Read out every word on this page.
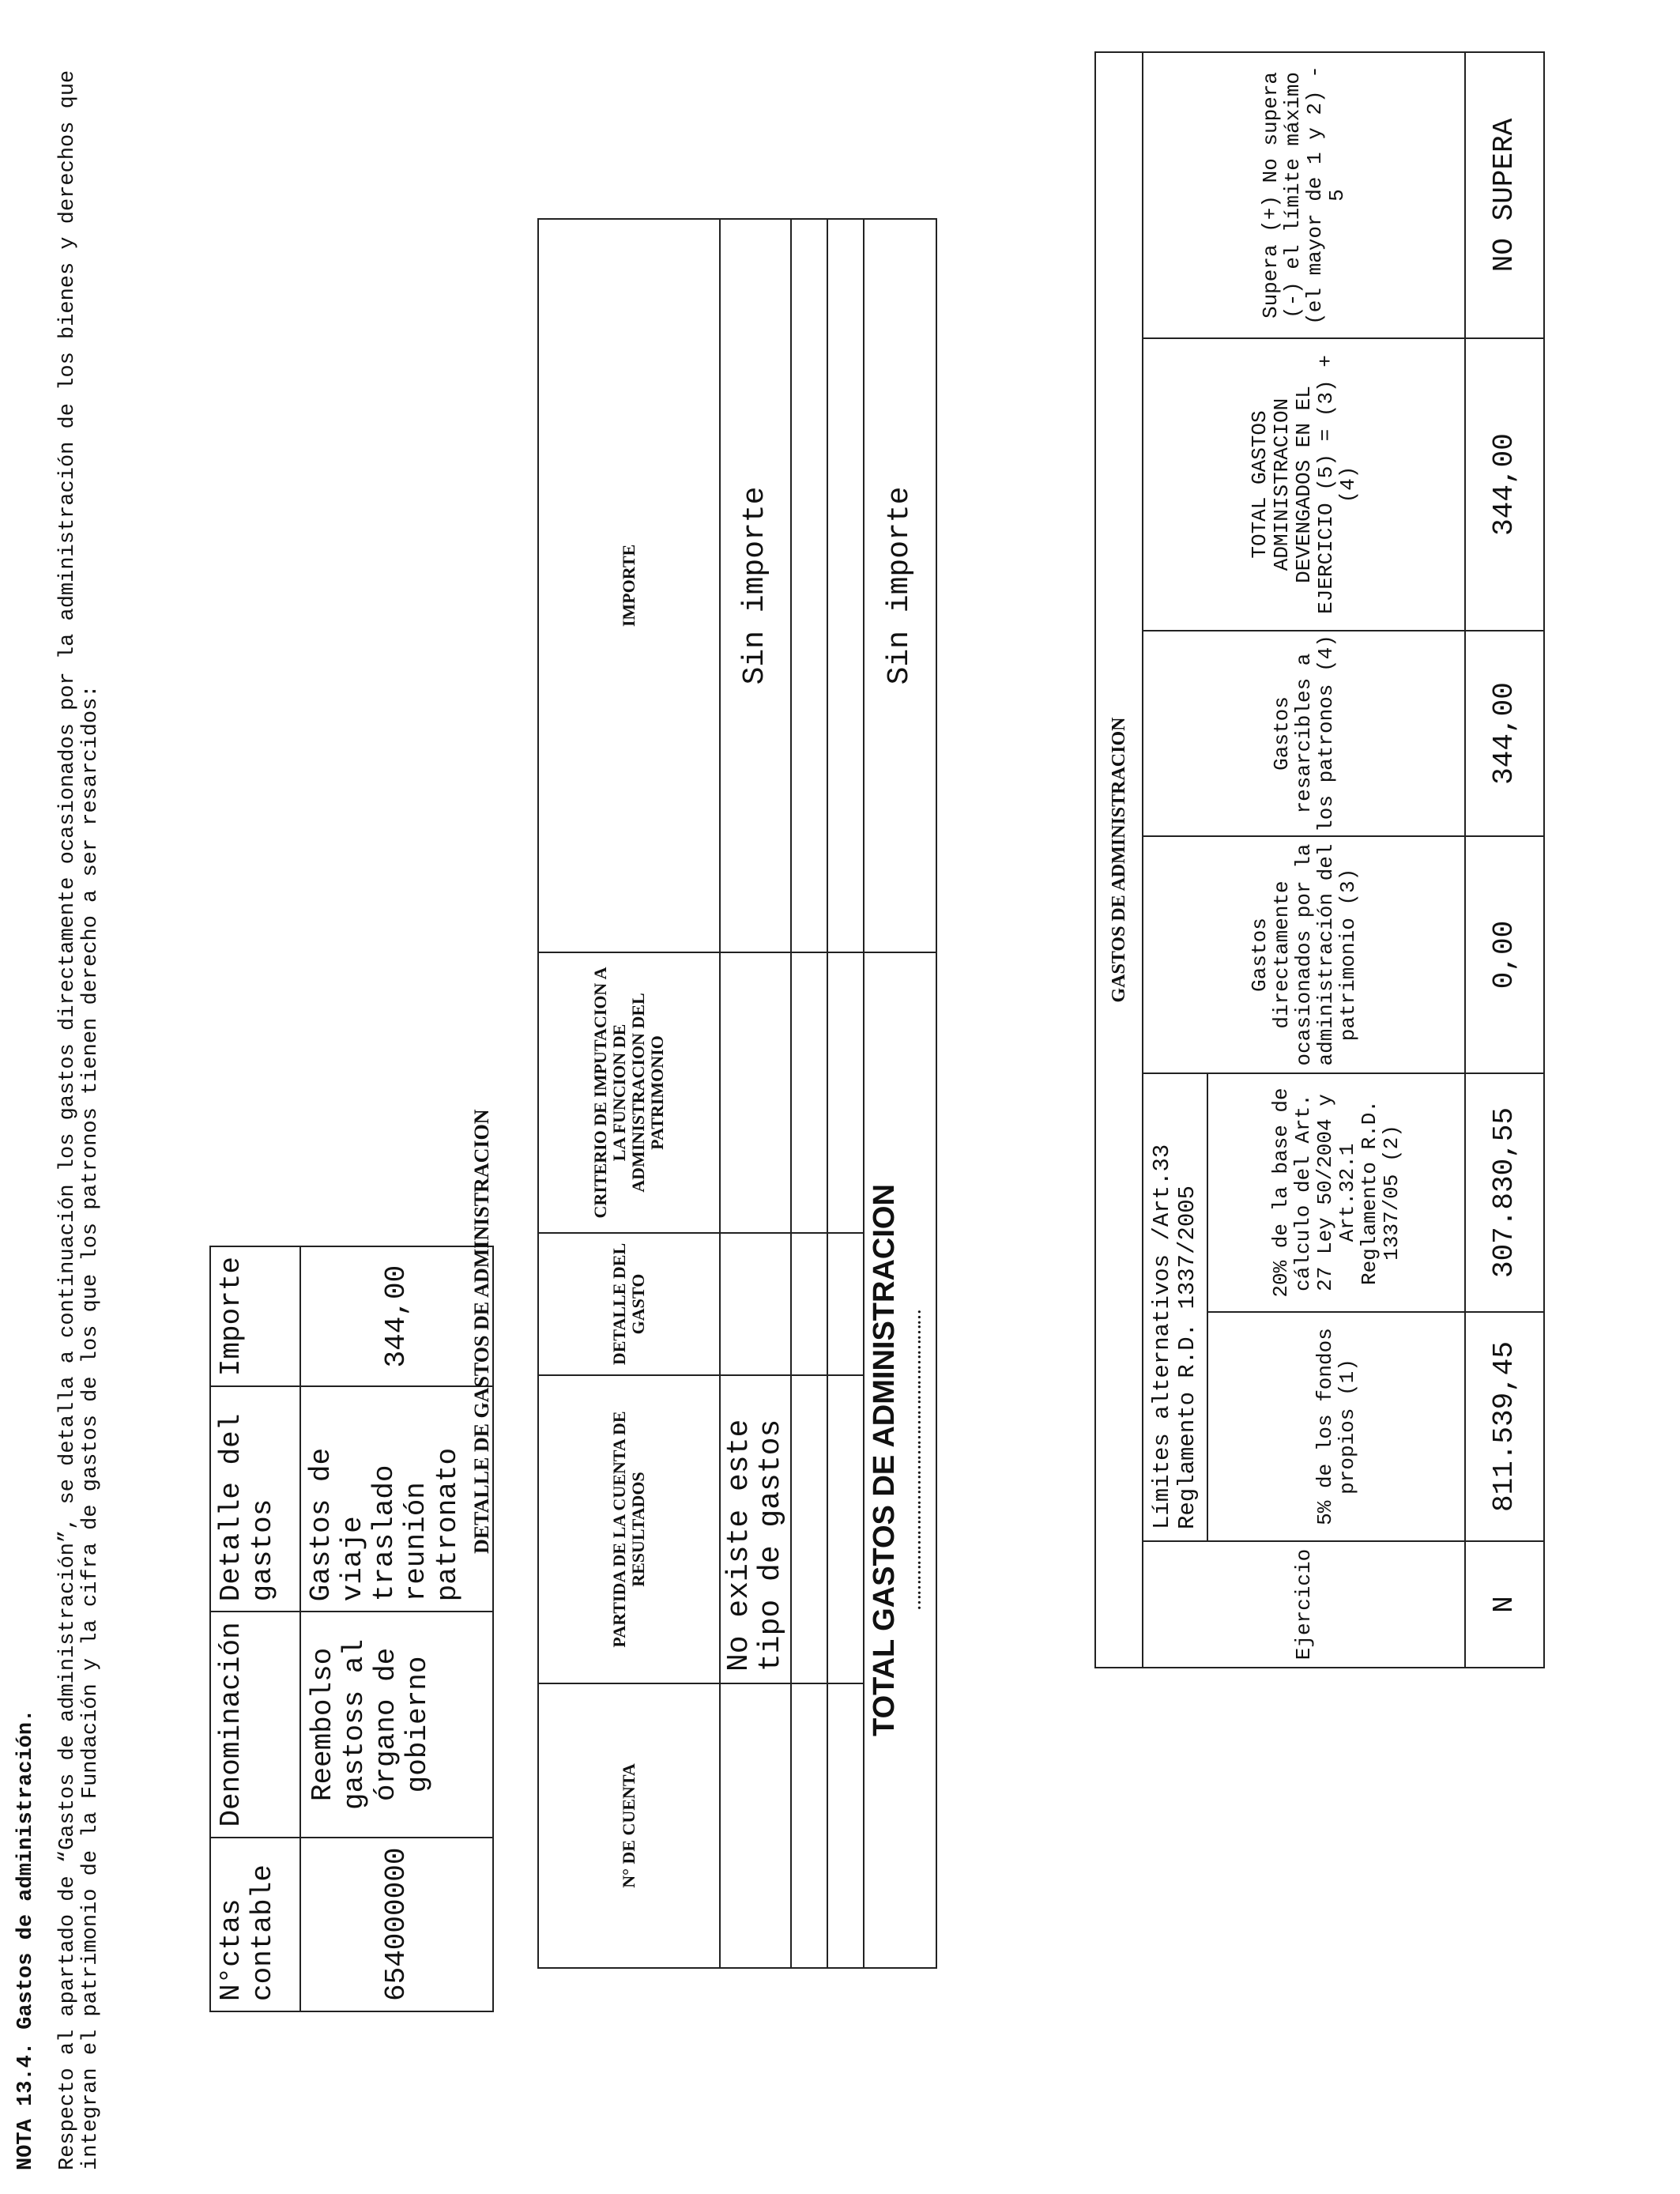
NOTA 13.4. Gastos de administración. Respecto al apartado de “Gastos de administración”, se detalla a continuación los gastos directamente ocasionados por la administración de los bienes y derechos que integran el patrimonio de la Fundación y la cifra de gastos de los que los patronos tienen derecho a ser resarcidos:	N°ctas contable	Denominación	Detalle del gastos	Importe
654000000	Reembolso gastoss al órgano de gobierno	Gastos de viaje traslado reunión patronato	344,00	DETALLE DE GASTOS DE ADMINISTRACION
N° DE CUENTA	PARTIDA DE LA CUENTA DE RESULTADOS	DETALLE DEL GASTO	CRITERIO DE IMPUTACION A LA FUNCION DE ADMINISTRACION DEL PATRIMONIO	IMPORTE
	No existe este tipo de gastos			Sin importe

TOTAL GASTOS DE ADMINISTRACION ……………………………………………………				Sin importe
GASTOS DE ADMINISTRACION						
Ejercicio	Límites alternativos /Art.33 Reglamento R.D. 1337/2005		Gastos directamente ocasionados por la administración del patrimonio (3)	Gastos resarcibles a los patronos (4)	TOTAL GASTOS ADMINISTRACION DEVENGADOS EN EL EJERCICIO (5) = (3) + (4)	Supera (+) No supera (-) el límite máximo (el mayor de 1 y 2) - 5
	5% de los fondos propios (1)	20% de la base de cálculo del Art. 27 Ley 50/2004 y Art.32.1 Reglamento R.D. 1337/05 (2)				
N	811.539,45	307.830,55	0,00	344,00	344,00	NO SUPERA
